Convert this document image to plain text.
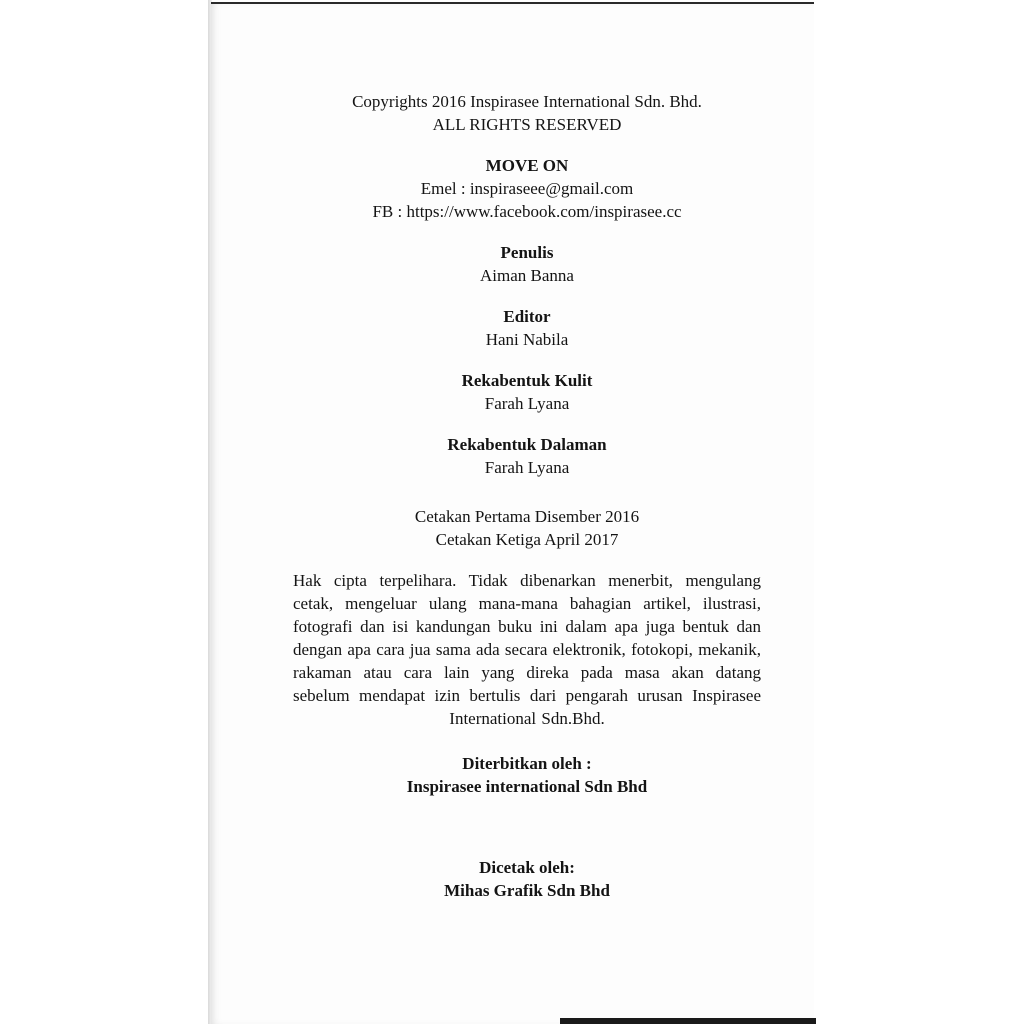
Copyrights 2016 Inspirasee International Sdn. Bhd.

ALL RIGHTS RESERVED

MOVE ON

Emel : inspiraseee@gmail.com

FB : https://www.facebook.com/inspirasee.cc

Penulis

Aiman Banna

Editor

Hani Nabila

Rekabentuk Kulit

Farah Lyana

Rekabentuk Dalaman

Farah Lyana

Cetakan Pertama Disember 2016

Cetakan Ketiga April 2017

Hak cipta terpelihara. Tidak dibenarkan menerbit, mengulang cetak, mengeluar ulang mana-mana bahagian artikel, ilustrasi, fotografi dan isi kandungan buku ini dalam apa juga bentuk dan dengan apa cara jua sama ada secara elektronik, fotokopi, mekanik, rakaman atau cara lain yang direka pada masa akan datang sebelum mendapat izin bertulis dari pengarah urusan Inspirasee International Sdn.Bhd.

Diterbitkan oleh :

Inspirasee international Sdn Bhd

Dicetak oleh:

Mihas Grafik Sdn Bhd
